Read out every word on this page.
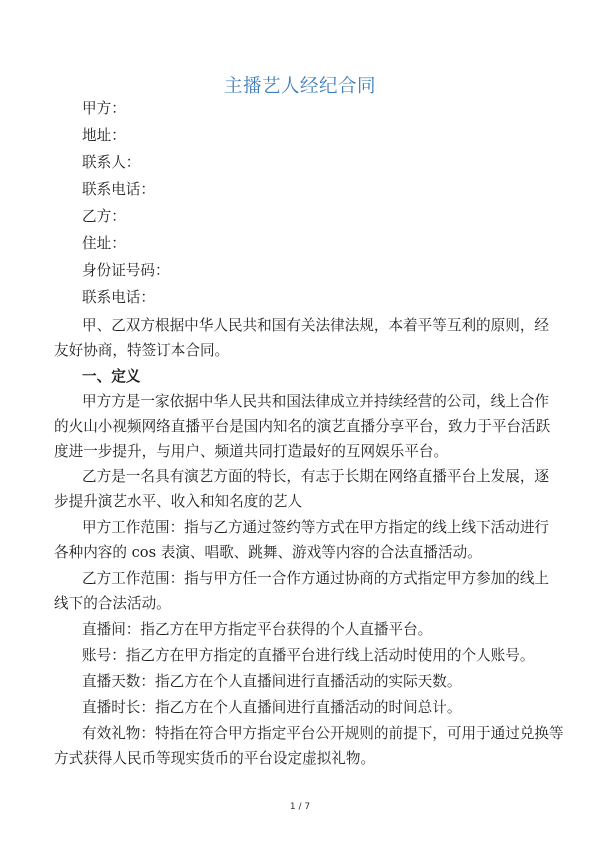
主播艺人经纪合同
甲方：
地址：
联系人：
联系电话：
乙方：
住址：
身份证号码：
联系电话：
甲、乙双方根据中华人民共和国有关法律法规，本着平等互利的原则，经
友好协商，特签订本合同。
一、定义
甲方方是一家依据中华人民共和国法律成立并持续经营的公司，线上合作
的火山小视频网络直播平台是国内知名的演艺直播分享平台，致力于平台活跃
度进一步提升，与用户、频道共同打造最好的互网娱乐平台。
乙方是一名具有演艺方面的特长，有志于长期在网络直播平台上发展，逐
步提升演艺水平、收入和知名度的艺人
甲方工作范围：指与乙方通过签约等方式在甲方指定的线上线下活动进行
各种内容的 cos 表演、唱歌、跳舞、游戏等内容的合法直播活动。
乙方工作范围：指与甲方任一合作方通过协商的方式指定甲方参加的线上
线下的合法活动。
直播间：指乙方在甲方指定平台获得的个人直播平台。
账号：指乙方在甲方指定的直播平台进行线上活动时使用的个人账号。
直播天数：指乙方在个人直播间进行直播活动的实际天数。
直播时长：指乙方在个人直播间进行直播活动的时间总计。
有效礼物：特指在符合甲方指定平台公开规则的前提下，可用于通过兑换等
方式获得人民币等现实货币的平台设定虚拟礼物。
1 / 7
